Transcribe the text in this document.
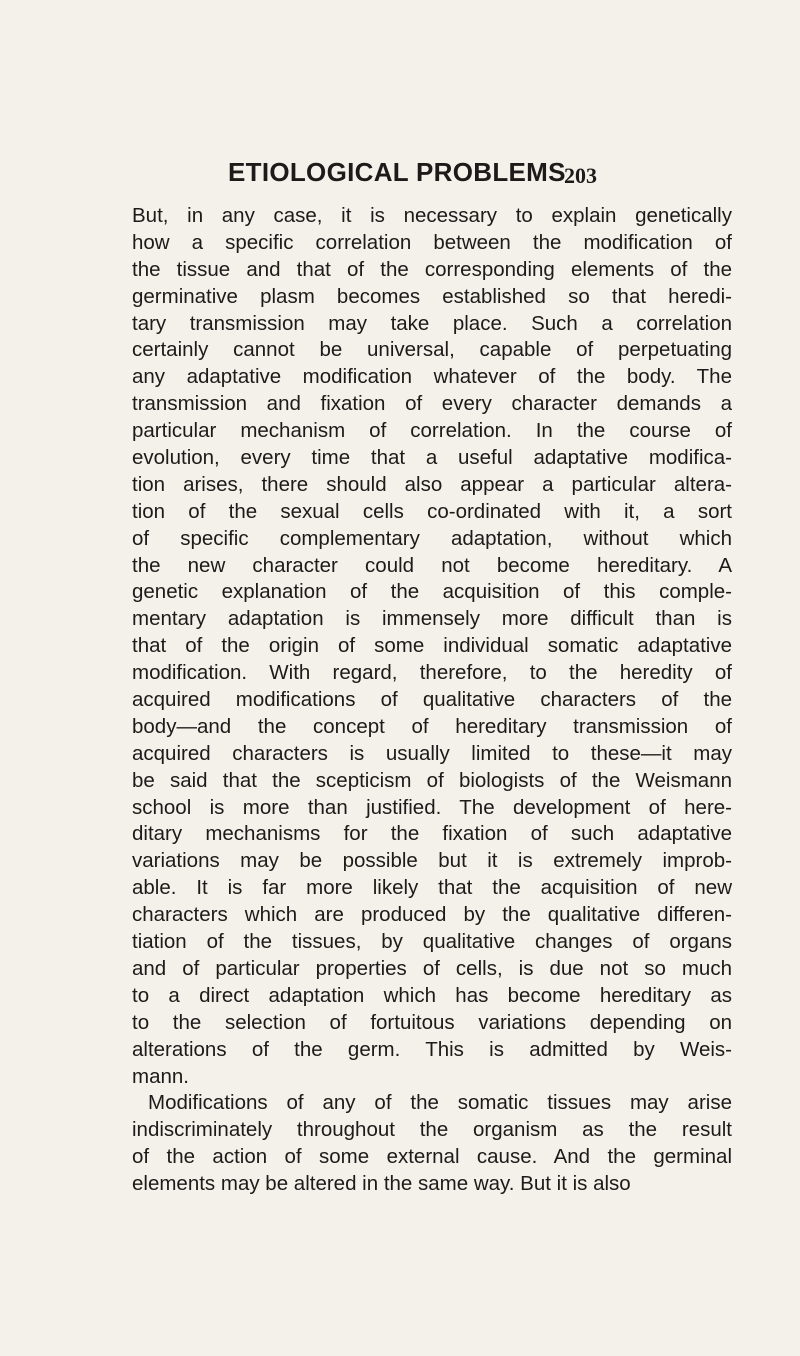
ETIOLOGICAL PROBLEMS
203
But, in any case, it is necessary to explain genetically
how a specific correlation between the modification of
the tissue and that of the corresponding elements of the
germinative plasm becomes established so that heredi-
tary transmission may take place. Such a correlation
certainly cannot be universal, capable of perpetuating
any adaptative modification whatever of the body. The
transmission and fixation of every character demands a
particular mechanism of correlation. In the course of
evolution, every time that a useful adaptative modifica-
tion arises, there should also appear a particular altera-
tion of the sexual cells co-ordinated with it, a sort
of specific complementary adaptation, without which
the new character could not become hereditary. A
genetic explanation of the acquisition of this comple-
mentary adaptation is immensely more difficult than is
that of the origin of some individual somatic adaptative
modification. With regard, therefore, to the heredity of
acquired modifications of qualitative characters of the
body—and the concept of hereditary transmission of
acquired characters is usually limited to these—it may
be said that the scepticism of biologists of the Weismann
school is more than justified. The development of here-
ditary mechanisms for the fixation of such adaptative
variations may be possible but it is extremely improb-
able. It is far more likely that the acquisition of new
characters which are produced by the qualitative differen-
tiation of the tissues, by qualitative changes of organs
and of particular properties of cells, is due not so much
to a direct adaptation which has become hereditary as
to the selection of fortuitous variations depending on
alterations of the germ. This is admitted by Weis-
mann.
Modifications of any of the somatic tissues may arise
indiscriminately throughout the organism as the result
of the action of some external cause. And the germinal
elements may be altered in the same way. But it is also
